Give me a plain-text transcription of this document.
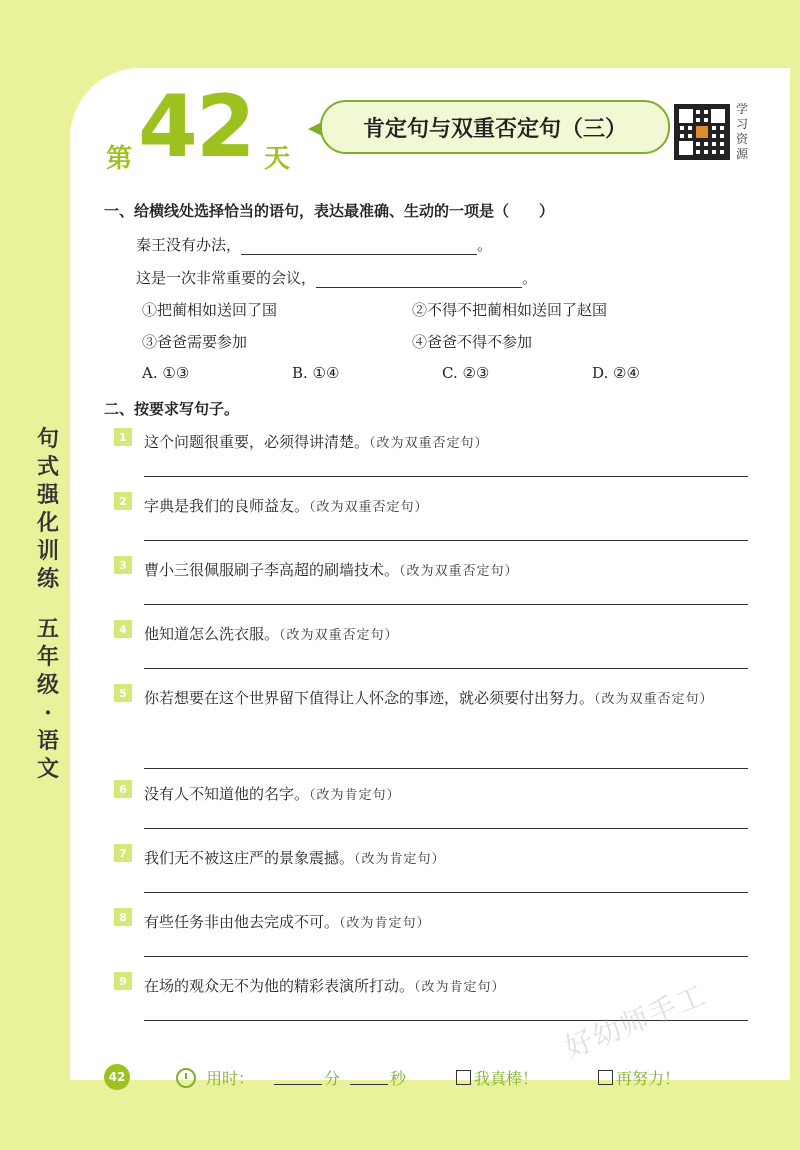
句
式
强
化
训
练
五
年
级
·
语
文
第 42 天
肯定句与双重否定句（三）
学
习
资
源
一、给横线处选择恰当的语句，表达最准确、生动的一项是（　　）
秦王没有办法，	。
这是一次非常重要的会议，	。
①把蔺相如送回了国	②不得不把蔺相如送回了赵国
③爸爸需要参加	④爸爸不得不参加
A. ①③	B. ①④	C. ②③	D. ②④
二、按要求写句子。
1	这个问题很重要，必须得讲清楚。（改为双重否定句）
2	字典是我们的良师益友。（改为双重否定句）
3	曹小三很佩服刷子李高超的刷墙技术。（改为双重否定句）
4	他知道怎么洗衣服。（改为双重否定句）
5	你若想要在这个世界留下值得让人怀念的事迹，就必须要付出努力。（改为双重否定句）
6	没有人不知道他的名字。（改为肯定句）
7	我们无不被这庄严的景象震撼。（改为肯定句）
8	有些任务非由他去完成不可。（改为肯定句）
9	在场的观众无不为他的精彩表演所打动。（改为肯定句）	好幼师手工
42	用时：	分	秒	我真棒！	再努力！
